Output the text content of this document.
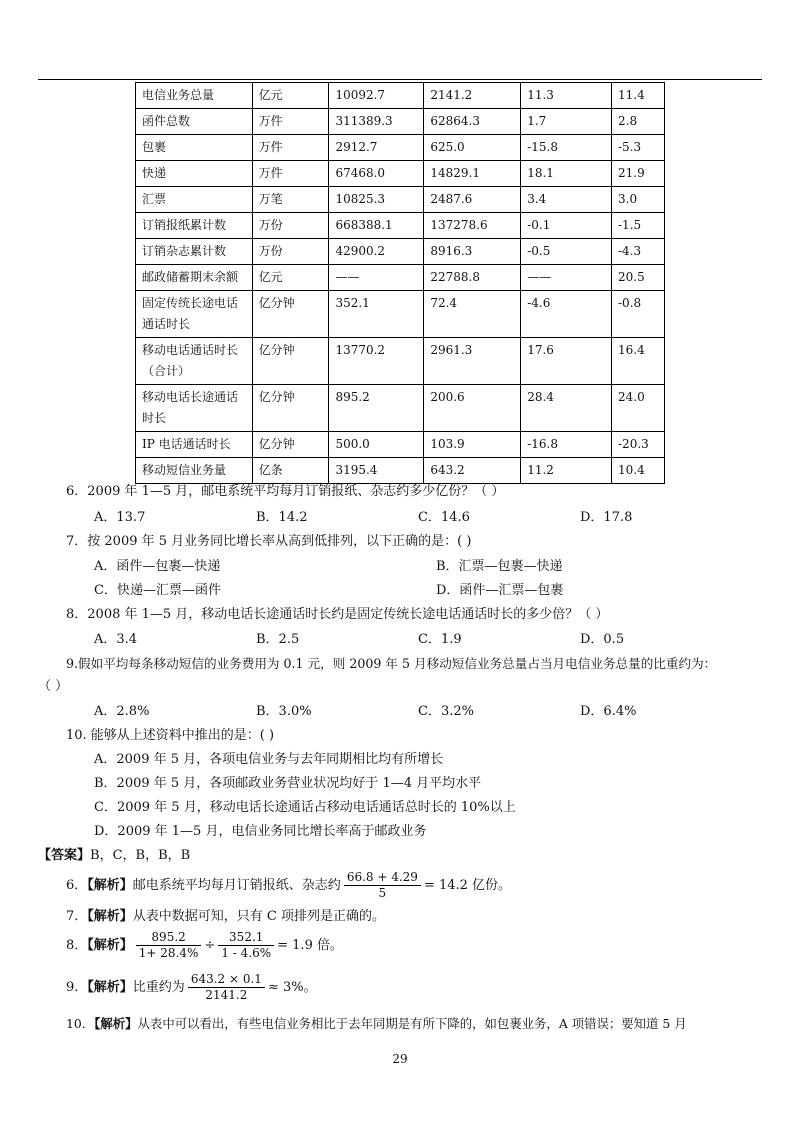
电信业务总量	亿元	10092.7	2141.2	11.3	11.4
函件总数	万件	311389.3	62864.3	1.7	2.8
包裹	万件	2912.7	625.0	-15.8	-5.3
快递	万件	67468.0	14829.1	18.1	21.9
汇票	万笔	10825.3	2487.6	3.4	3.0
订销报纸累计数	万份	668388.1	137278.6	-0.1	-1.5
订销杂志累计数	万份	42900.2	8916.3	-0.5	-4.3
邮政储蓄期末余额	亿元	——	22788.8	——	20.5
固定传统长途电话通话时长	亿分钟	352.1	72.4	-4.6	-0.8
移动电话通话时长（合计）	亿分钟	13770.2	2961.3	17.6	16.4
移动电话长途通话时长	亿分钟	895.2	200.6	28.4	24.0
IP 电话通话时长	亿分钟	500.0	103.9	-16.8	-20.3
移动短信业务量	亿条	3195.4	643.2	11.2	10.4
6．2009 年 1—5 月，邮电系统平均每月订销报纸、杂志约多少亿份？（ ）
A．13.7	B．14.2	C．14.6	D．17.8
7．按 2009 年 5 月业务同比增长率从高到低排列，以下正确的是：( )
A．函件—包裹—快递	B．汇票—包裹—快递
C．快递—汇票—函件	D．函件—汇票—包裹
8．2008 年 1—5 月，移动电话长途通话时长约是固定传统长途电话通话时长的多少倍？（ ）
A．3.4	B．2.5	C．1.9	D．0.5
9.假如平均每条移动短信的业务费用为 0.1 元，则 2009 年 5 月移动短信业务总量占当月电信业务总量的比重约为：
（ ）
A．2.8%	B．3.0%	C．3.2%	D．6.4%
10. 能够从上述资料中推出的是：( )
A．2009 年 5 月，各项电信业务与去年同期相比均有所增长
B．2009 年 5 月，各项邮政业务营业状况均好于 1—4 月平均水平
C．2009 年 5 月，移动电话长途通话占移动电话通话总时长的 10%以上
D．2009 年 1—5 月，电信业务同比增长率高于邮政业务
【答案】B，C，B，B，B
6．【解析】邮电系统平均每月订销报纸、杂志约 $\frac{66.8 + 4.29}{5} = 14.2$ 亿份。
7．【解析】从表中数据可知，只有 C 项排列是正确的。
8．【解析】 $\frac{895.2}{1+ 28.4\%} \div \frac{352.1}{1 - 4.6\%} = 1.9$ 倍。
9．【解析】比重约为 $\frac{643.2 \times 0.1}{2141.2} \approx 3\%$。
10．【解析】从表中可以看出，有些电信业务相比于去年同期是有所下降的，如包裹业务，A 项错误；要知道 5 月
29
